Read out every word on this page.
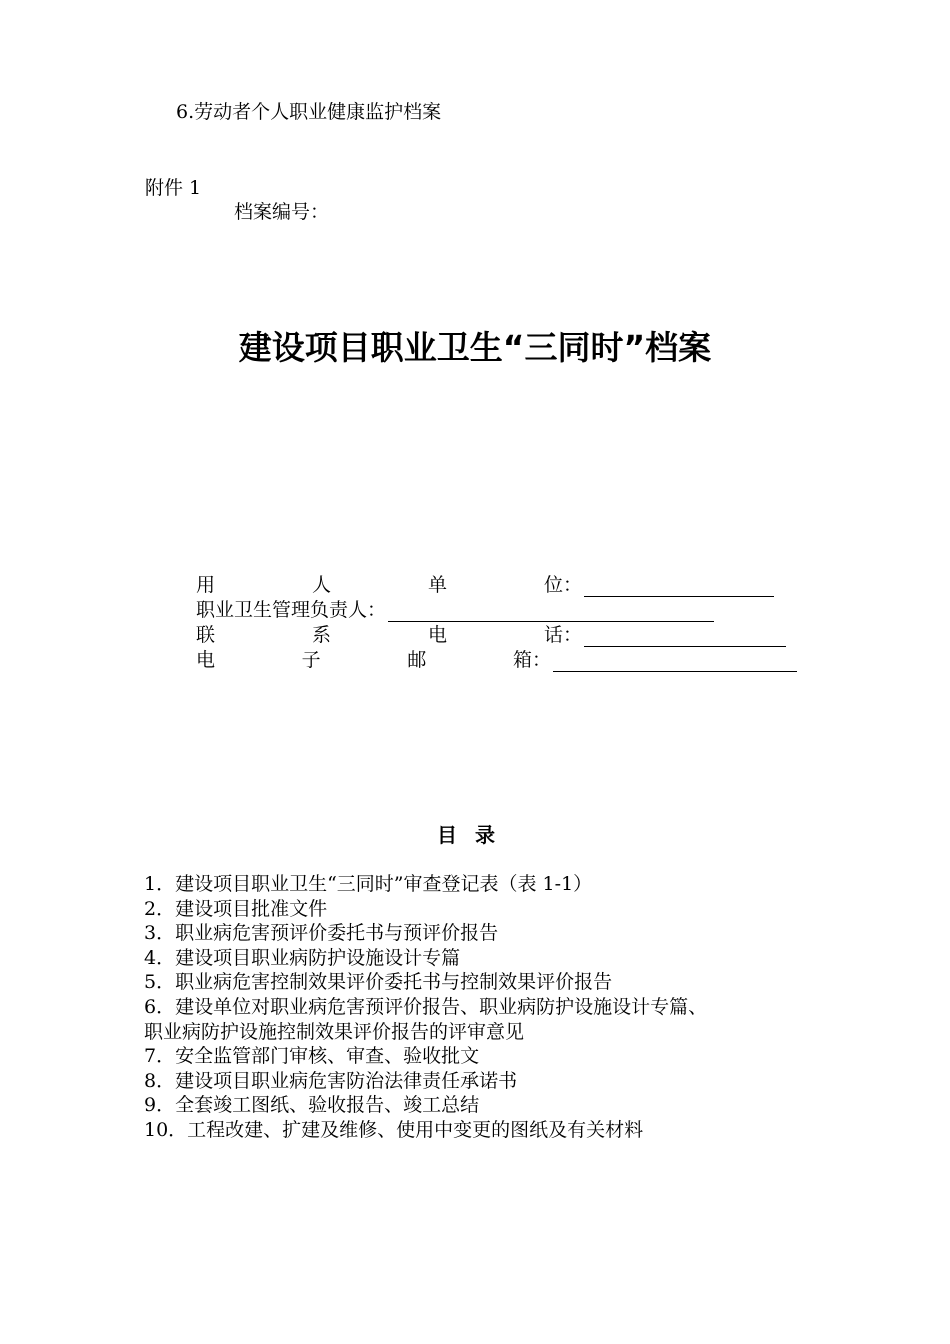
6.劳动者个人职业健康监护档案
附件 1
档案编号：
建设项目职业卫生“三同时”档案
用	人	单	位：
职业卫生管理负责人：
联	系	电	话：
电	子	邮	箱：
目录
1．建设项目职业卫生“三同时”审查登记表（表 1-1）
2．建设项目批准文件
3．职业病危害预评价委托书与预评价报告
4．建设项目职业病防护设施设计专篇
5．职业病危害控制效果评价委托书与控制效果评价报告
6．建设单位对职业病危害预评价报告、职业病防护设施设计专篇、
职业病防护设施控制效果评价报告的评审意见
7．安全监管部门审核、审查、验收批文
8．建设项目职业病危害防治法律责任承诺书
9．全套竣工图纸、验收报告、竣工总结
10．工程改建、扩建及维修、使用中变更的图纸及有关材料
